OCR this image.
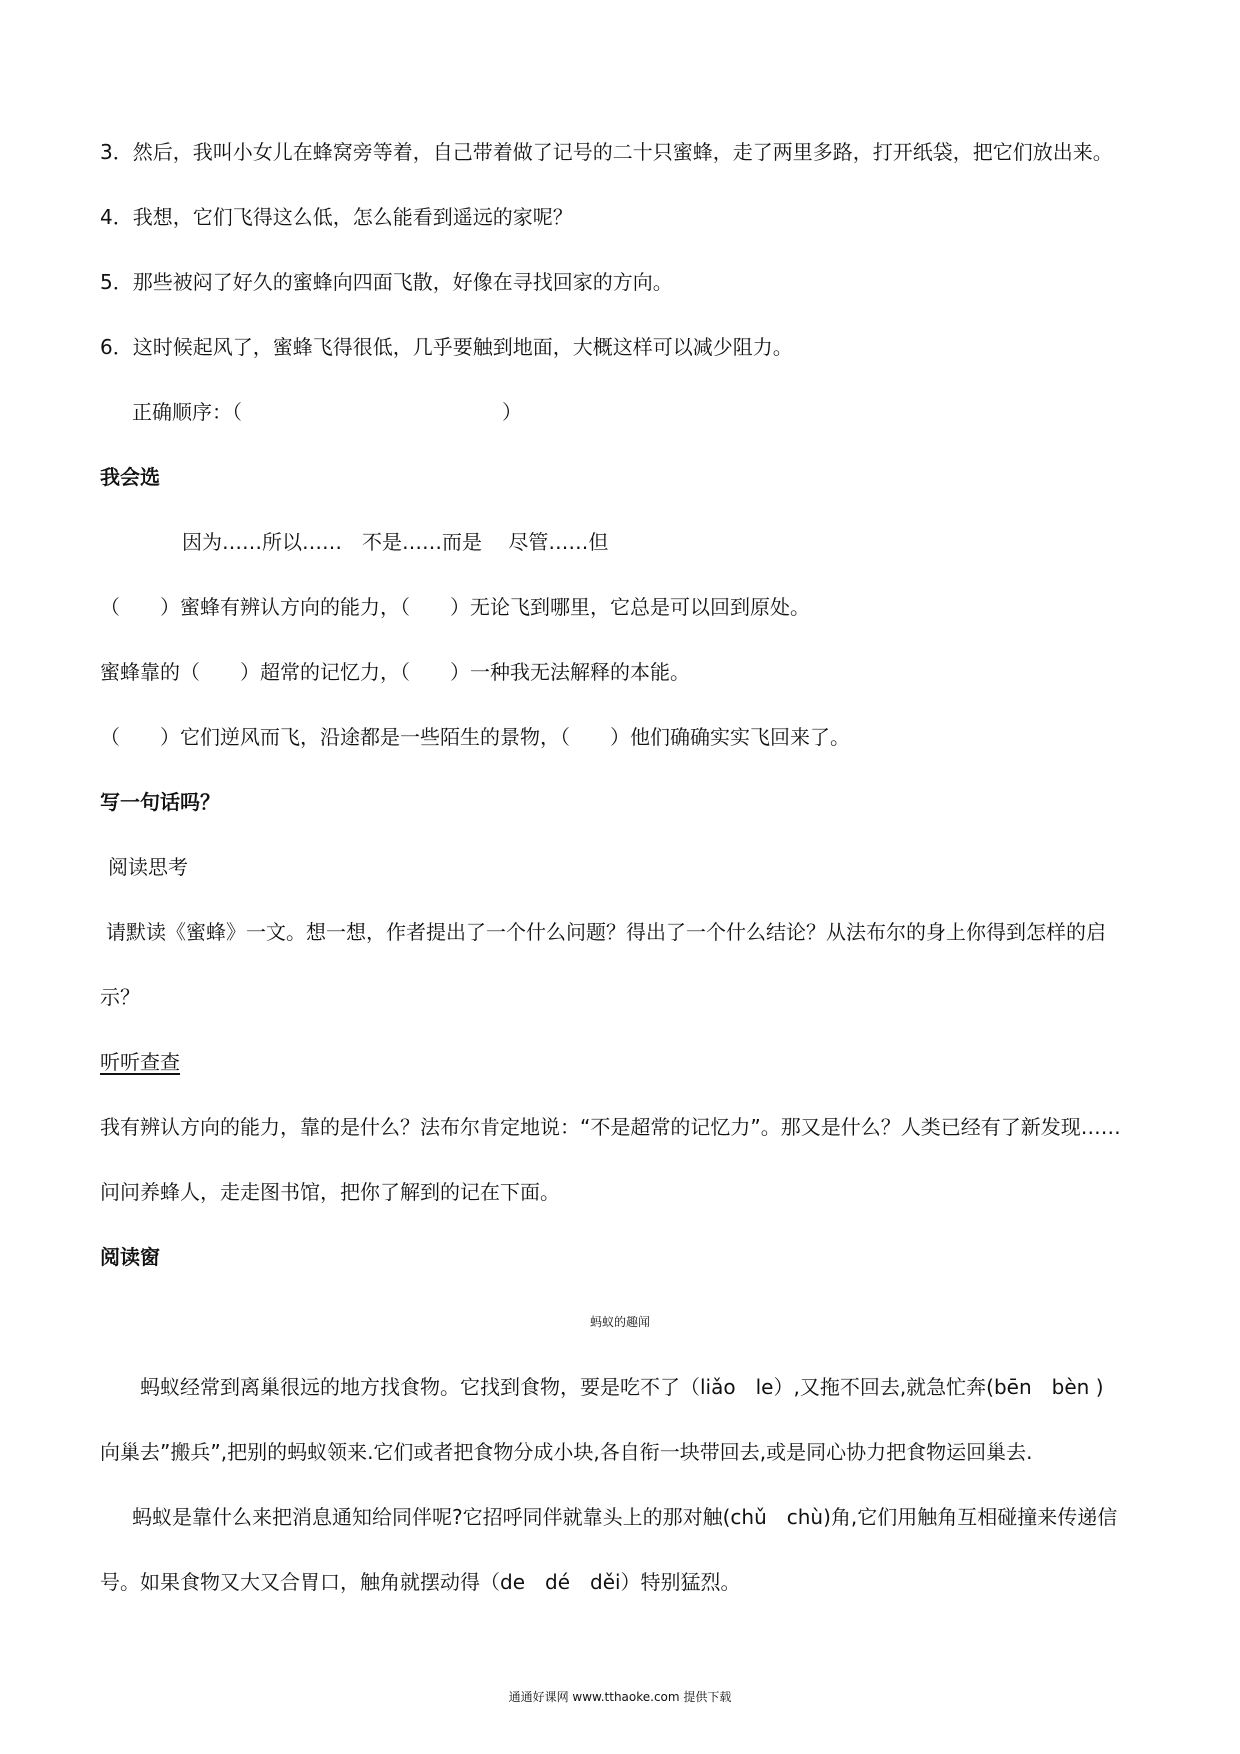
3．然后，我叫小女儿在蜂窝旁等着，自己带着做了记号的二十只蜜蜂，走了两里多路，打开纸袋，把它们放出来。
4．我想，它们飞得这么低，怎么能看到遥远的家呢？
5．那些被闷了好久的蜜蜂向四面飞散，好像在寻找回家的方向。
6．这时候起风了，蜜蜂飞得很低，几乎要触到地面，大概这样可以减少阻力。
正确顺序：（　　　　　　　　　　　　　）
我会选
因为……所以……　不是……而是　 尽管……但
（　　）蜜蜂有辨认方向的能力，（　　）无论飞到哪里，它总是可以回到原处。
蜜蜂靠的（　　）超常的记忆力，（　　）一种我无法解释的本能。
（　　）它们逆风而飞，沿途都是一些陌生的景物，（　　）他们确确实实飞回来了。
写一句话吗？
阅读思考
请默读《蜜蜂》一文。想一想，作者提出了一个什么问题？得出了一个什么结论？从法布尔的身上你得到怎样的启
示？
听听查查
我有辨认方向的能力，靠的是什么？法布尔肯定地说：“不是超常的记忆力”。那又是什么？人类已经有了新发现……
问问养蜂人，走走图书馆，把你了解到的记在下面。
阅读窗
蚂蚁的趣闻
蚂蚁经常到离巢很远的地方找食物。它找到食物，要是吃不了（liǎo　le）,又拖不回去,就急忙奔(bēn　bèn )
向巢去”搬兵”,把别的蚂蚁领来.它们或者把食物分成小块,各自衔一块带回去,或是同心协力把食物运回巢去.
蚂蚁是靠什么来把消息通知给同伴呢?它招呼同伴就靠头上的那对触(chǔ　chù)角,它们用触角互相碰撞来传递信
号。如果食物又大又合胃口，触角就摆动得（de　dé　děi）特别猛烈。
通通好课网 www.tthaoke.com 提供下载
